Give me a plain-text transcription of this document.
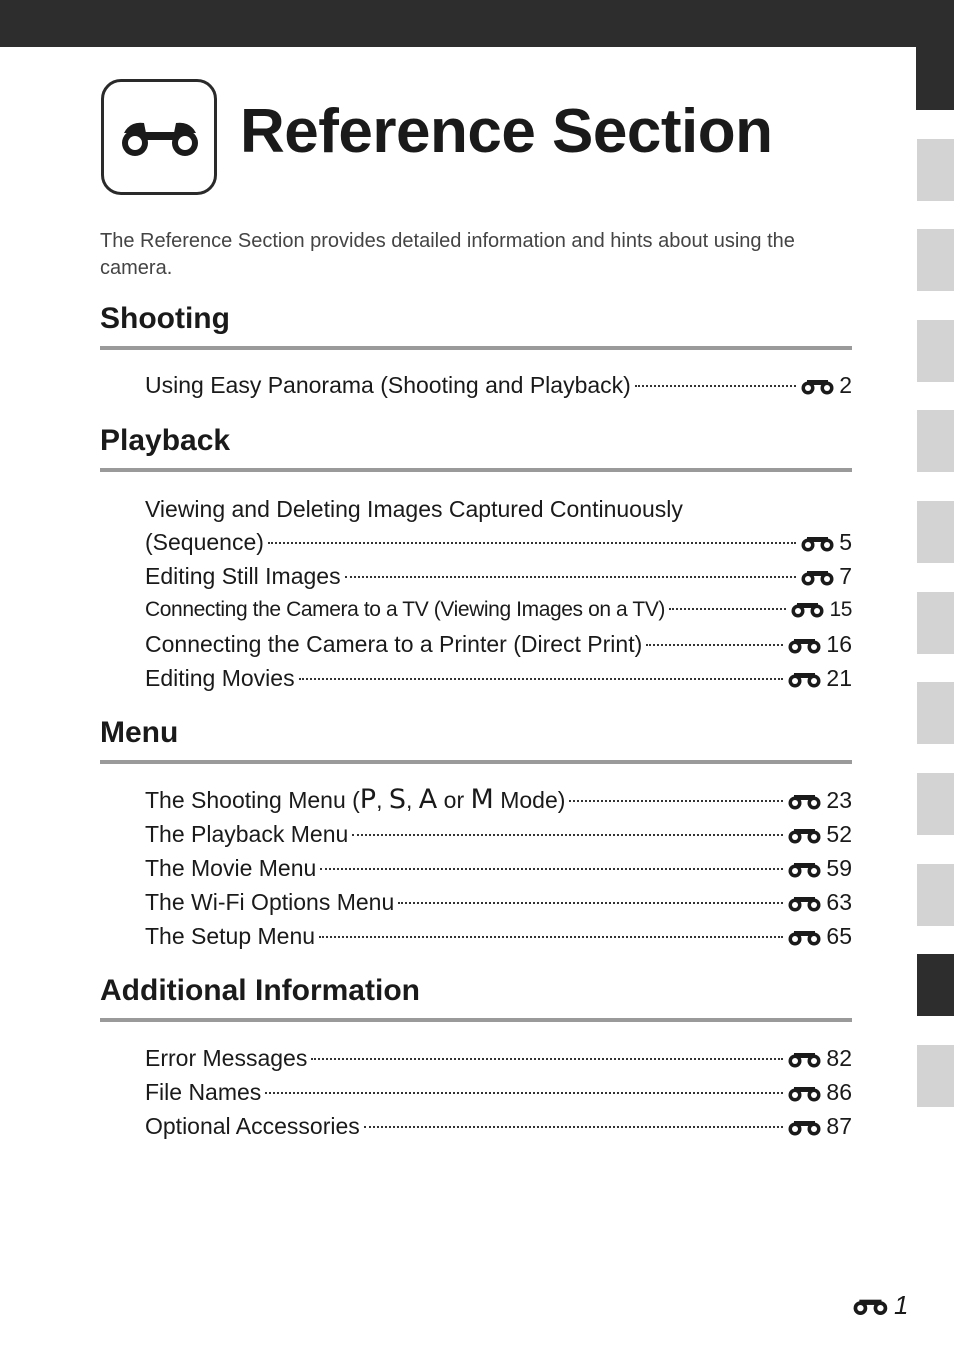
Reference Section

The Reference Section provides detailed information and hints about using the camera.

Shooting
Using Easy Panorama (Shooting and Playback)	2
Playback
Viewing and Deleting Images Captured Continuously
(Sequence)	5
Editing Still Images	7
Connecting the Camera to a TV (Viewing Images on a TV)	15
Connecting the Camera to a Printer (Direct Print)	16
Editing Movies	21
Menu
The Shooting Menu (P, S, A or M Mode)	23
The Playback Menu	52
The Movie Menu	59
The Wi-Fi Options Menu	63
The Setup Menu	65
Additional Information
Error Messages	82
File Names	86
Optional Accessories	87
1
